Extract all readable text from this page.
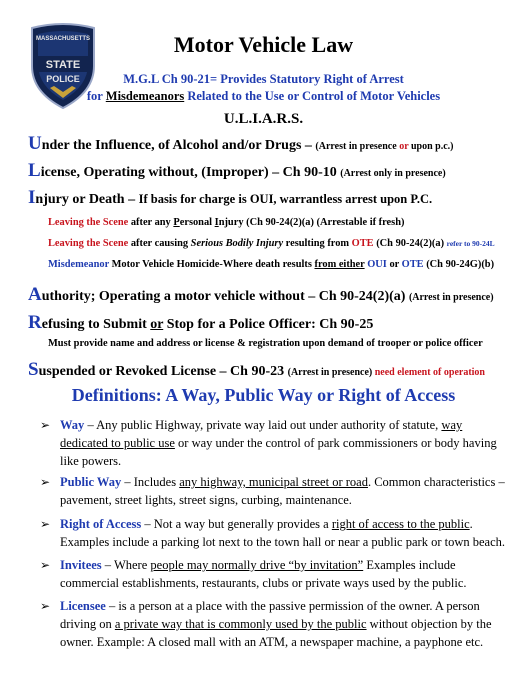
MASSACHUSETTS
STATE
POLICE
Motor Vehicle Law
M.G.L Ch 90-21= Provides Statutory Right of Arrest
for Misdemeanors Related to the Use or Control of Motor Vehicles
U.L.I.A.R.S.
Under the Influence, of Alcohol and/or Drugs – (Arrest in presence or upon p.c.)
License, Operating without, (Improper) – Ch 90-10 (Arrest only in presence)
Injury or Death – If basis for charge is OUI, warrantless arrest upon P.C.
Leaving the Scene after any Personal Injury (Ch 90-24(2)(a) (Arrestable if fresh)
Leaving the Scene after causing Serious Bodily Injury resulting from OTE (Ch 90-24(2)(a) refer to 90-24L
Misdemeanor Motor Vehicle Homicide-Where death results from either OUI or OTE (Ch 90-24G)(b)
Authority; Operating a motor vehicle without – Ch 90-24(2)(a) (Arrest in presence)
Refusing to Submit or Stop for a Police Officer: Ch 90-25
Must provide name and address or license & registration upon demand of trooper or police officer
Suspended or Revoked License – Ch 90-23 (Arrest in presence) need element of operation
Definitions: A Way, Public Way or Right of Access
➢ Way – Any public Highway, private way laid out under authority of statute, way dedicated to public use or way under the control of park commissioners or body having like powers.
➢ Public Way – Includes any highway, municipal street or road. Common characteristics – pavement, street lights, street signs, curbing, maintenance.
➢ Right of Access – Not a way but generally provides a right of access to the public. Examples include a parking lot next to the town hall or near a public park or town beach.
➢ Invitees – Where people may normally drive “by invitation” Examples include commercial establishments, restaurants, clubs or private ways used by the public.
➢ Licensee – is a person at a place with the passive permission of the owner. A person driving on a private way that is commonly used by the public without objection by the owner. Example: A closed mall with an ATM, a newspaper machine, a payphone etc.
